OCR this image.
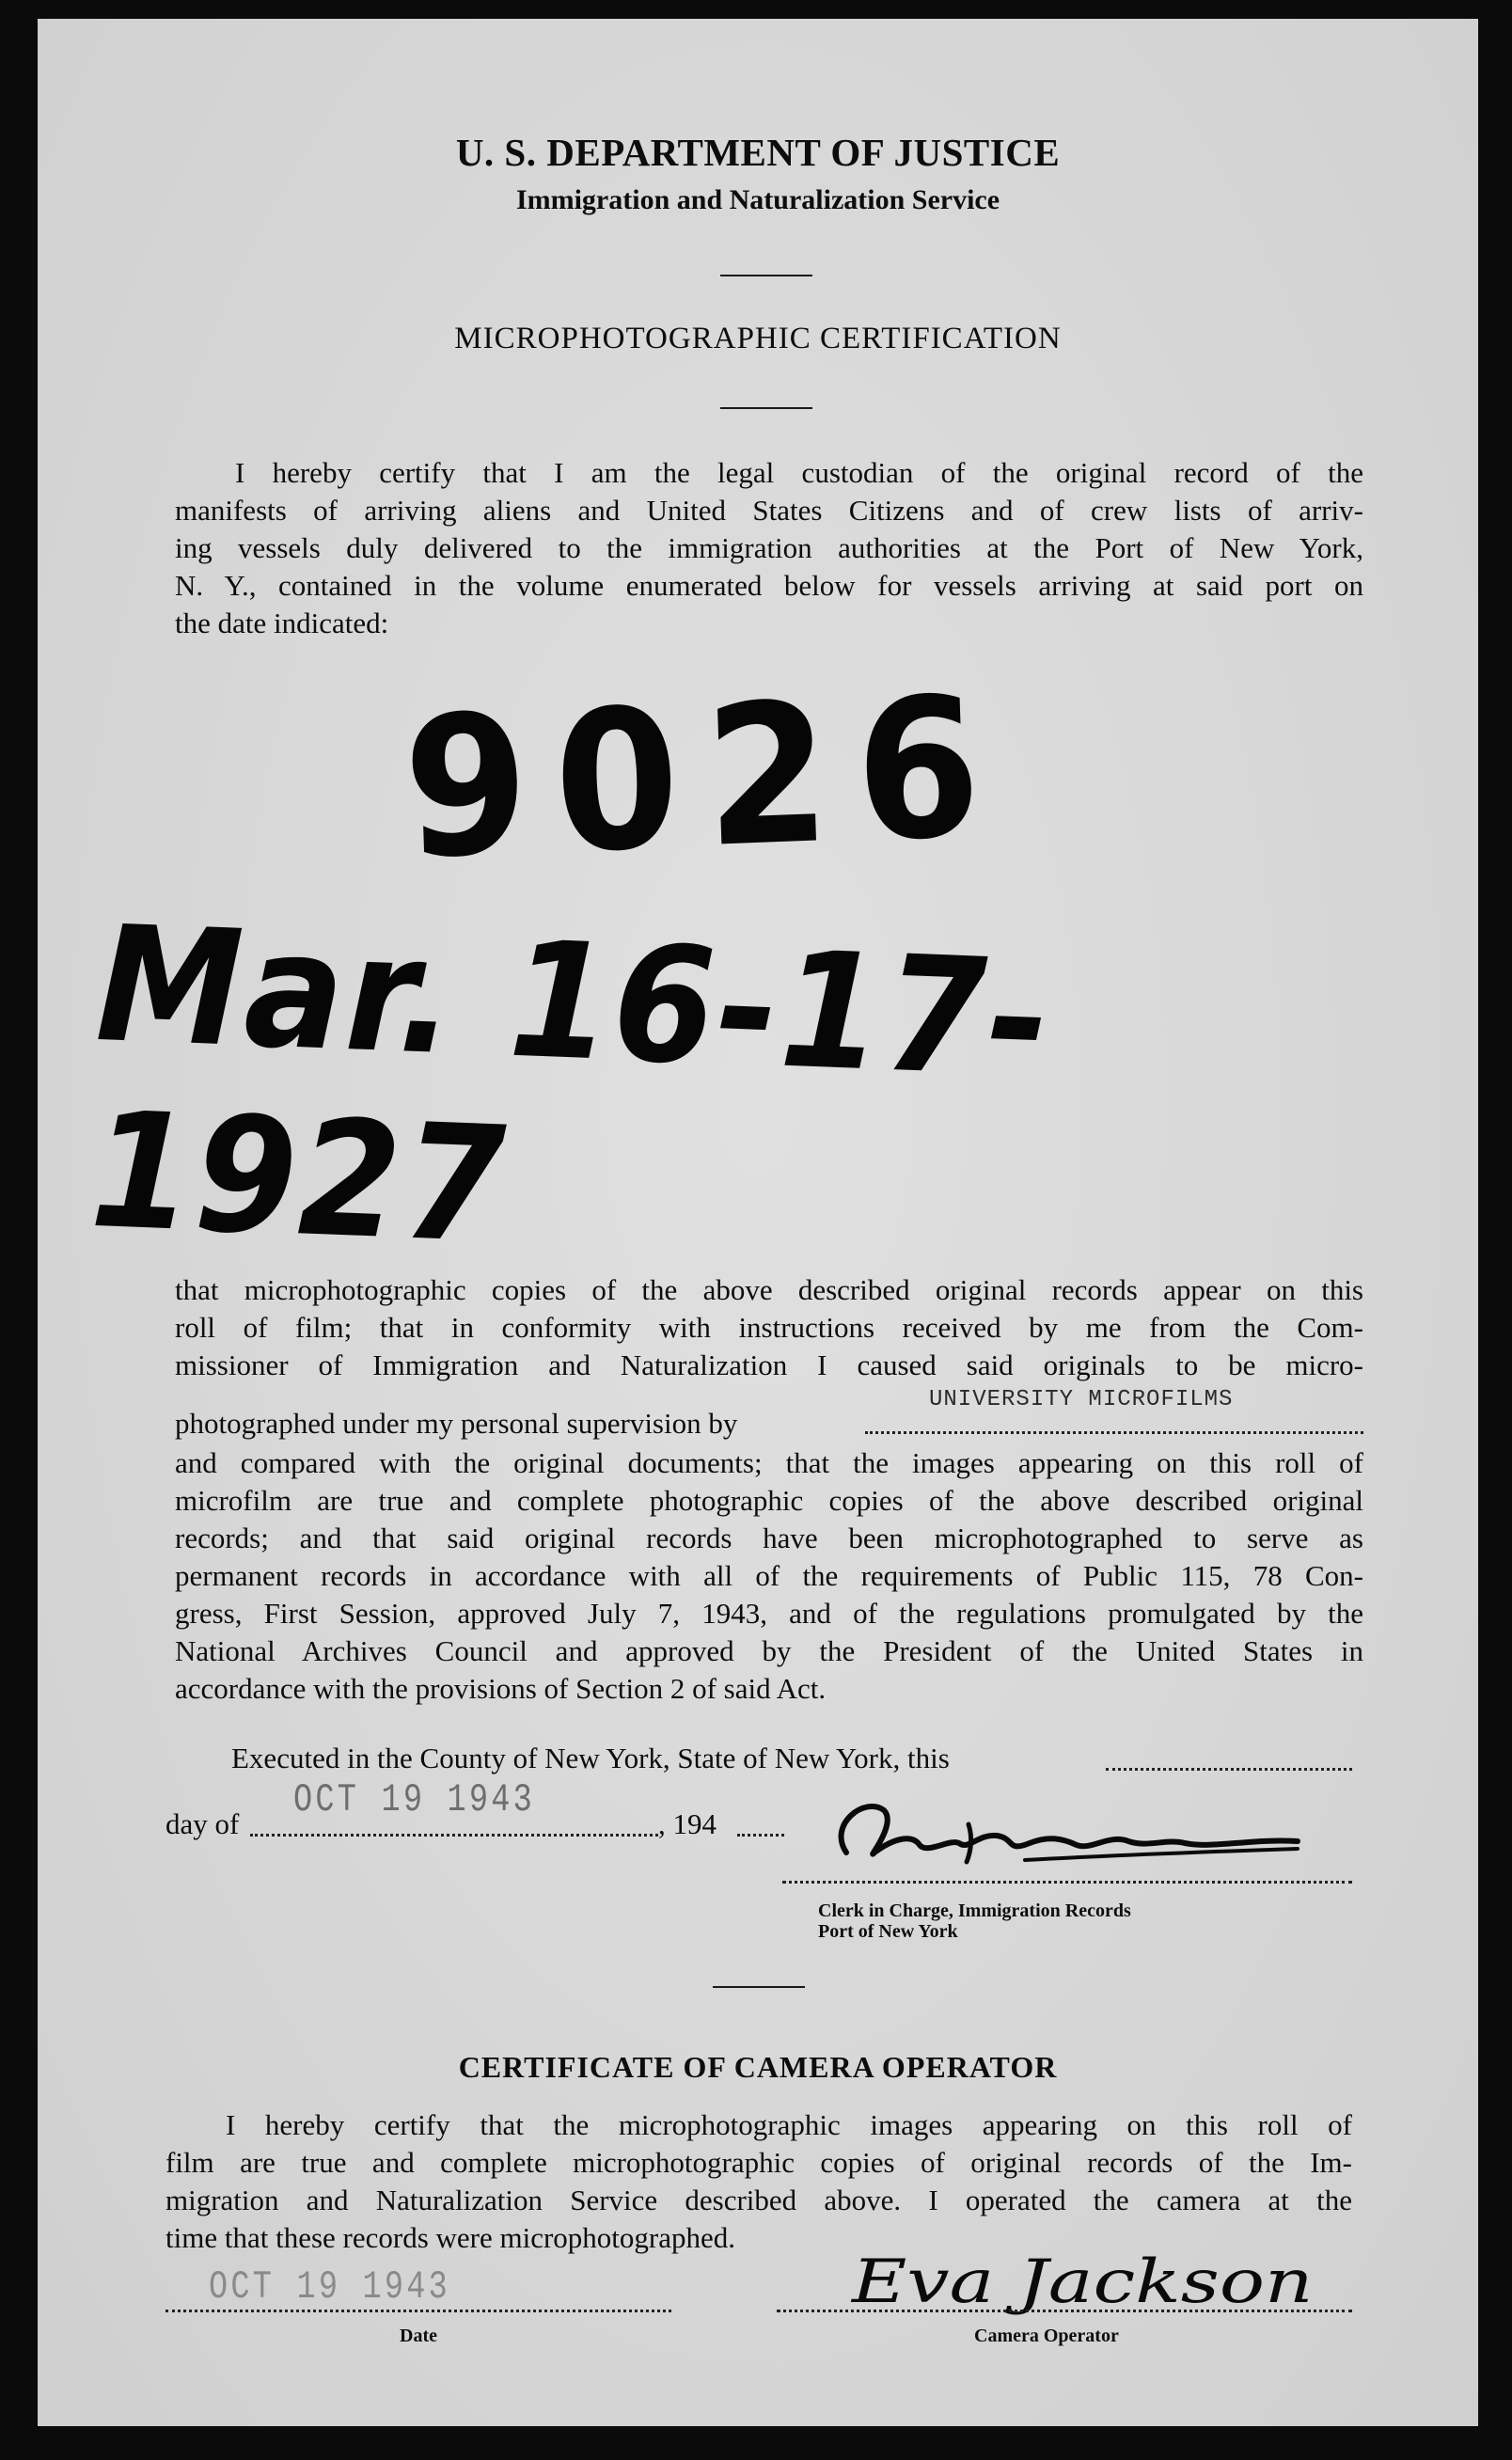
U. S. DEPARTMENT OF JUSTICE
Immigration and Naturalization Service
MICROPHOTOGRAPHIC CERTIFICATION
I hereby certify that I am the legal custodian of the original record of the
manifests of arriving aliens and United States Citizens and of crew lists of arriv-
ing vessels duly delivered to the immigration authorities at the Port of New York,
N. Y., contained in the volume enumerated below for vessels arriving at said port on
the date indicated:
9026
Mar. 16-17-1927
that microphotographic copies of the above described original records appear on this
roll of film; that in conformity with instructions received by me from the Com-
missioner of Immigration and Naturalization I caused said originals to be micro-
UNIVERSITY MICROFILMS
photographed under my personal supervision by
and compared with the original documents; that the images appearing on this roll of
microfilm are true and complete photographic copies of the above described original
records; and that said original records have been microphotographed to serve as
permanent records in accordance with all of the requirements of Public 115, 78 Con-
gress, First Session, approved July 7, 1943, and of the regulations promulgated by the
National Archives Council and approved by the President of the United States in
accordance with the provisions of Section 2 of said Act.
Executed in the County of New York, State of New York, this
day of
OCT 19 1943
, 194
Clerk in Charge, Immigration Records
Port of New York
CERTIFICATE OF CAMERA OPERATOR
I hereby certify that the microphotographic images appearing on this roll of
film are true and complete microphotographic copies of original records of the Im-
migration and Naturalization Service described above. I operated the camera at the
time that these records were microphotographed.
OCT 19 1943
Date
Eva Jackson
Camera Operator
